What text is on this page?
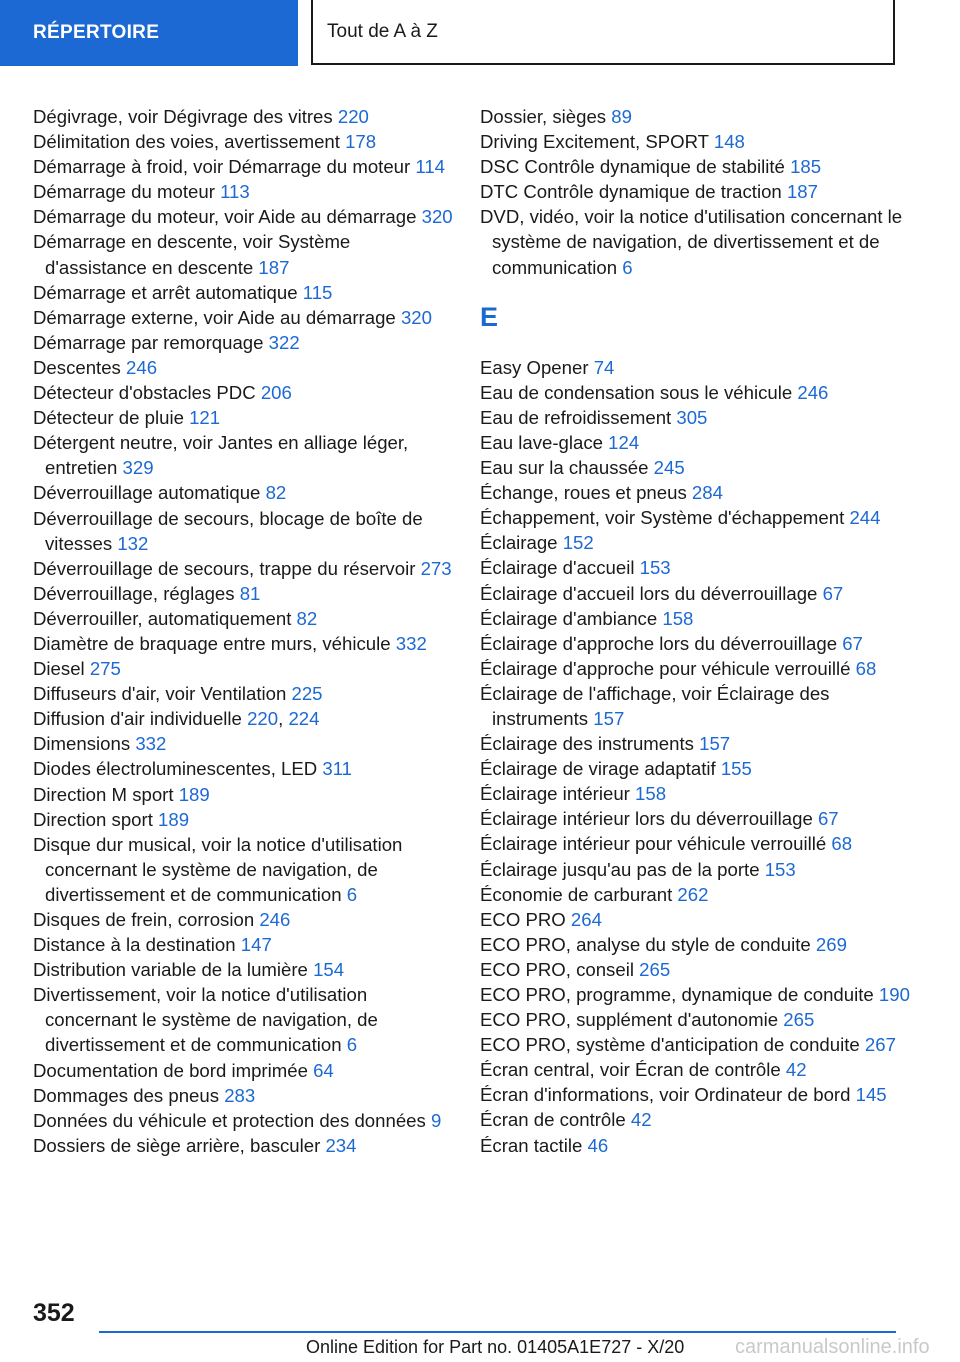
RÉPERTOIRE	Tout de A à Z
Dégivrage, voir Dégivrage des vitres 220
Délimitation des voies, avertissement 178
Démarrage à froid, voir Démarrage du moteur 114
Démarrage du moteur 113
Démarrage du moteur, voir Aide au démarrage 320
Démarrage en descente, voir Système d'assistance en descente 187
Démarrage et arrêt automatique 115
Démarrage externe, voir Aide au démarrage 320
Démarrage par remorquage 322
Descentes 246
Détecteur d'obstacles PDC 206
Détecteur de pluie 121
Détergent neutre, voir Jantes en alliage léger, entretien 329
Déverrouillage automatique 82
Déverrouillage de secours, blocage de boîte de vitesses 132
Déverrouillage de secours, trappe du réservoir 273
Déverrouillage, réglages 81
Déverrouiller, automatiquement 82
Diamètre de braquage entre murs, véhicule 332
Diesel 275
Diffuseurs d'air, voir Ventilation 225
Diffusion d'air individuelle 220, 224
Dimensions 332
Diodes électroluminescentes, LED 311
Direction M sport 189
Direction sport 189
Disque dur musical, voir la notice d'utilisation concernant le système de navigation, de divertissement et de communication 6
Disques de frein, corrosion 246
Distance à la destination 147
Distribution variable de la lumière 154
Divertissement, voir la notice d'utilisation concernant le système de navigation, de divertissement et de communication 6
Documentation de bord imprimée 64
Dommages des pneus 283
Données du véhicule et protection des données 9
Dossiers de siège arrière, basculer 234
Dossier, sièges 89
Driving Excitement, SPORT 148
DSC Contrôle dynamique de stabilité 185
DTC Contrôle dynamique de traction 187
DVD, vidéo, voir la notice d'utilisation concernant le système de navigation, de divertissement et de communication 6
E
Easy Opener 74
Eau de condensation sous le véhicule 246
Eau de refroidissement 305
Eau lave-glace 124
Eau sur la chaussée 245
Échange, roues et pneus 284
Échappement, voir Système d'échappement 244
Éclairage 152
Éclairage d'accueil 153
Éclairage d'accueil lors du déverrouillage 67
Éclairage d'ambiance 158
Éclairage d'approche lors du déverrouillage 67
Éclairage d'approche pour véhicule verrouillé 68
Éclairage de l'affichage, voir Éclairage des instruments 157
Éclairage des instruments 157
Éclairage de virage adaptatif 155
Éclairage intérieur 158
Éclairage intérieur lors du déverrouillage 67
Éclairage intérieur pour véhicule verrouillé 68
Éclairage jusqu'au pas de la porte 153
Économie de carburant 262
ECO PRO 264
ECO PRO, analyse du style de conduite 269
ECO PRO, conseil 265
ECO PRO, programme, dynamique de conduite 190
ECO PRO, supplément d'autonomie 265
ECO PRO, système d'anticipation de conduite 267
Écran central, voir Écran de contrôle 42
Écran d'informations, voir Ordinateur de bord 145
Écran de contrôle 42
Écran tactile 46
352
Online Edition for Part no. 01405A1E727 - X/20	carmanualsonline.info
